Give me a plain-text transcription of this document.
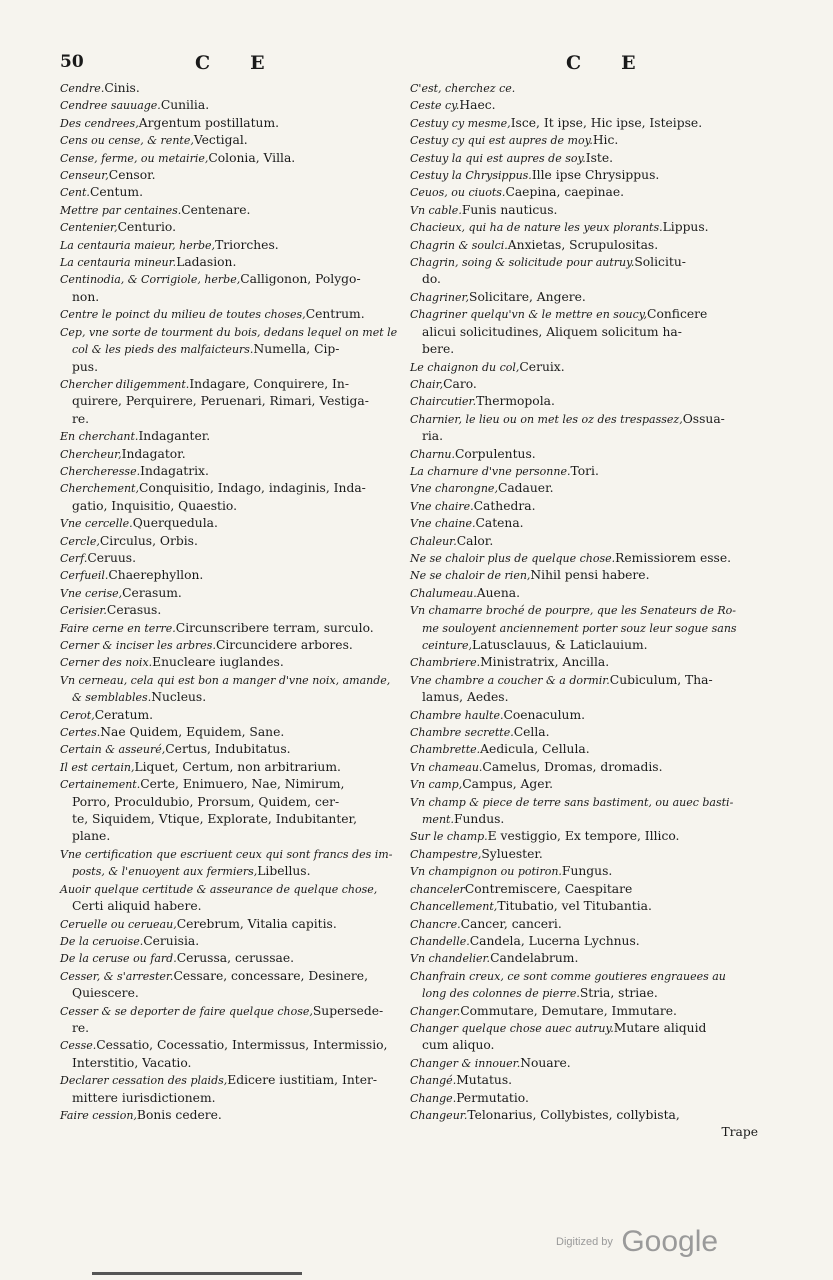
50	CE	CE

Cendre.Cinis.

Cendree sauuage.Cunilia.

Des cendrees,Argentum postillatum.

Cens ou cense, & rente,Vectigal.

Cense, ferme, ou metairie,Colonia, Villa.

Censeur,Censor.

Cent.Centum.

Mettre par centaines.Centenare.

Centenier,Centurio.

La centauria maieur, herbe,Triorches.

La centauria mineur.Ladasion.

Centinodia, & Corrigiole, herbe,Calligonon, Polygo-

non.

Centre le poinct du milieu de toutes choses,Centrum.

Cep, vne sorte de tourment du bois, dedans lequel on met le

col & les pieds des malfaicteurs.Numella, Cip-

pus.

Chercher diligemment.Indagare, Conquirere, In-

quirere, Perquirere, Peruenari, Rimari, Vestiga-

re.

En cherchant.Indaganter.

Chercheur,Indagator.

Chercheresse.Indagatrix.

Cherchement,Conquisitio, Indago, indaginis, Inda-

gatio, Inquisitio, Quaestio.

Vne cercelle.Querquedula.

Cercle,Circulus, Orbis.

Cerf.Ceruus.

Cerfueil.Chaerephyllon.

Vne cerise,Cerasum.

Cerisier.Cerasus.

Faire cerne en terre.Circunscribere terram, surculo.

Cerner & inciser les arbres.Circuncidere arbores.

Cerner des noix.Enucleare iuglandes.

Vn cerneau, cela qui est bon a manger d'vne noix, amande,

& semblables.Nucleus.

Cerot,Ceratum.

Certes.Nae Quidem, Equidem, Sane.

Certain & asseuré,Certus, Indubitatus.

Il est certain,Liquet, Certum, non arbitrarium.

Certainement.Certe, Enimuero, Nae, Nimirum,

Porro, Proculdubio, Prorsum, Quidem, cer-

te, Siquidem, Vtique, Explorate, Indubitanter,

plane.

Vne certification que escriuent ceux qui sont francs des im-

posts, & l'enuoyent aux fermiers,Libellus.

Auoir quelque certitude & asseurance de quelque chose,

Certi aliquid habere.

Ceruelle ou cerueau,Cerebrum, Vitalia capitis.

De la ceruoise.Ceruisia.

De la ceruse ou fard.Cerussa, cerussae.

Cesser, & s'arrester.Cessare, concessare, Desinere,

Quiescere.

Cesser & se deporter de faire quelque chose,Supersede-

re.

Cesse.Cessatio, Cocessatio, Intermissus, Intermissio,

Interstitio, Vacatio.

Declarer cessation des plaids,Edicere iustitiam, Inter-

mittere iurisdictionem.

Faire cession,Bonis cedere.

C'est, cherchez ce.

Ceste cy.Haec.

Cestuy cy mesme,Isce, It ipse, Hic ipse, Isteipse.

Cestuy cy qui est aupres de moy.Hic.

Cestuy la qui est aupres de soy.Iste.

Cestuy la Chrysippus.Ille ipse Chrysippus.

Ceuos, ou ciuots.Caepina, caepinae.

Vn cable.Funis nauticus.

Chacieux, qui ha de nature les yeux plorants.Lippus.

Chagrin & soulci.Anxietas, Scrupulositas.

Chagrin, soing & solicitude pour autruy.Solicitu-

do.

Chagriner,Solicitare, Angere.

Chagriner quelqu'vn & le mettre en soucy,Conficere

alicui solicitudines, Aliquem solicitum ha-

bere.

Le chaignon du col,Ceruix.

Chair,Caro.

Chaircutier.Thermopola.

Charnier, le lieu ou on met les oz des trespassez,Ossua-

ria.

Charnu.Corpulentus.

La charnure d'vne personne.Tori.

Vne charongne,Cadauer.

Vne chaire.Cathedra.

Vne chaine.Catena.

Chaleur.Calor.

Ne se chaloir plus de quelque chose.Remissiorem esse.

Ne se chaloir de rien,Nihil pensi habere.

Chalumeau.Auena.

Vn chamarre broché de pourpre, que les Senateurs de Ro-

me souloyent anciennement porter souz leur sogue sans

ceinture,Latusclauus, & Laticlauium.

Chambriere.Ministratrix, Ancilla.

Vne chambre a coucher & a dormir.Cubiculum, Tha-

lamus, Aedes.

Chambre haulte.Coenaculum.

Chambre secrette.Cella.

Chambrette.Aedicula, Cellula.

Vn chameau.Camelus, Dromas, dromadis.

Vn camp,Campus, Ager.

Vn champ & piece de terre sans bastiment, ou auec basti-

ment.Fundus.

Sur le champ.E vestiggio, Ex tempore, Illico.

Champestre,Syluester.

Vn champignon ou potiron.Fungus.

chancelerContremiscere, Caespitare

Chancellement,Titubatio, vel Titubantia.

Chancre.Cancer, canceri.

Chandelle.Candela, Lucerna Lychnus.

Vn chandelier.Candelabrum.

Chanfrain creux, ce sont comme goutieres engrauees au

long des colonnes de pierre.Stria, striae.

Changer.Commutare, Demutare, Immutare.

Changer quelque chose auec autruy.Mutare aliquid

cum aliquo.

Changer & innouer.Nouare.

Changé.Mutatus.

Change.Permutatio.

Changeur.Telonarius, Collybistes, collybista,

Trape

Digitized by Google
